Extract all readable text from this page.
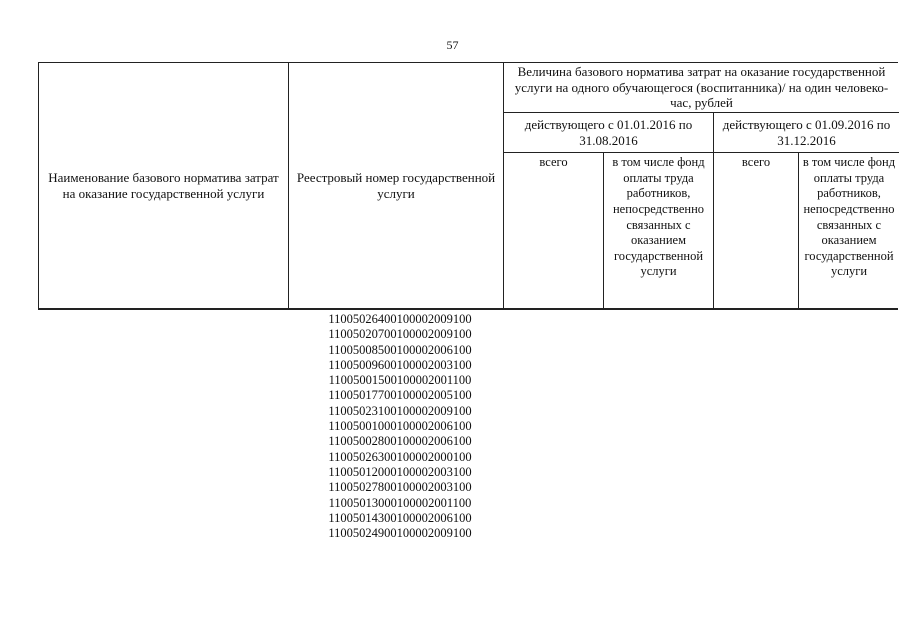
57
Наименование базового норматива затрат на оказание государственной услуги
Реестровый номер государственной услуги
Величина базового норматива затрат на оказание государственной услуги на одного обучающегося (воспитанника)/ на один человеко-час, рублей
действующего с 01.01.2016 по 31.08.2016
действующего с 01.09.2016 по 31.12.2016
всего	в том числе фонд оплаты труда работников, непосредственно связанных с оказанием государственной услуги
всего	в том числе фонд оплаты труда работников, непосредственно связанных с оказанием государственной услуги
11005026400100002009100
11005020700100002009100
11005008500100002006100
11005009600100002003100
11005001500100002001100
11005017700100002005100
11005023100100002009100
11005001000100002006100
11005002800100002006100
11005026300100002000100
11005012000100002003100
11005027800100002003100
11005013000100002001100
11005014300100002006100
11005024900100002009100
